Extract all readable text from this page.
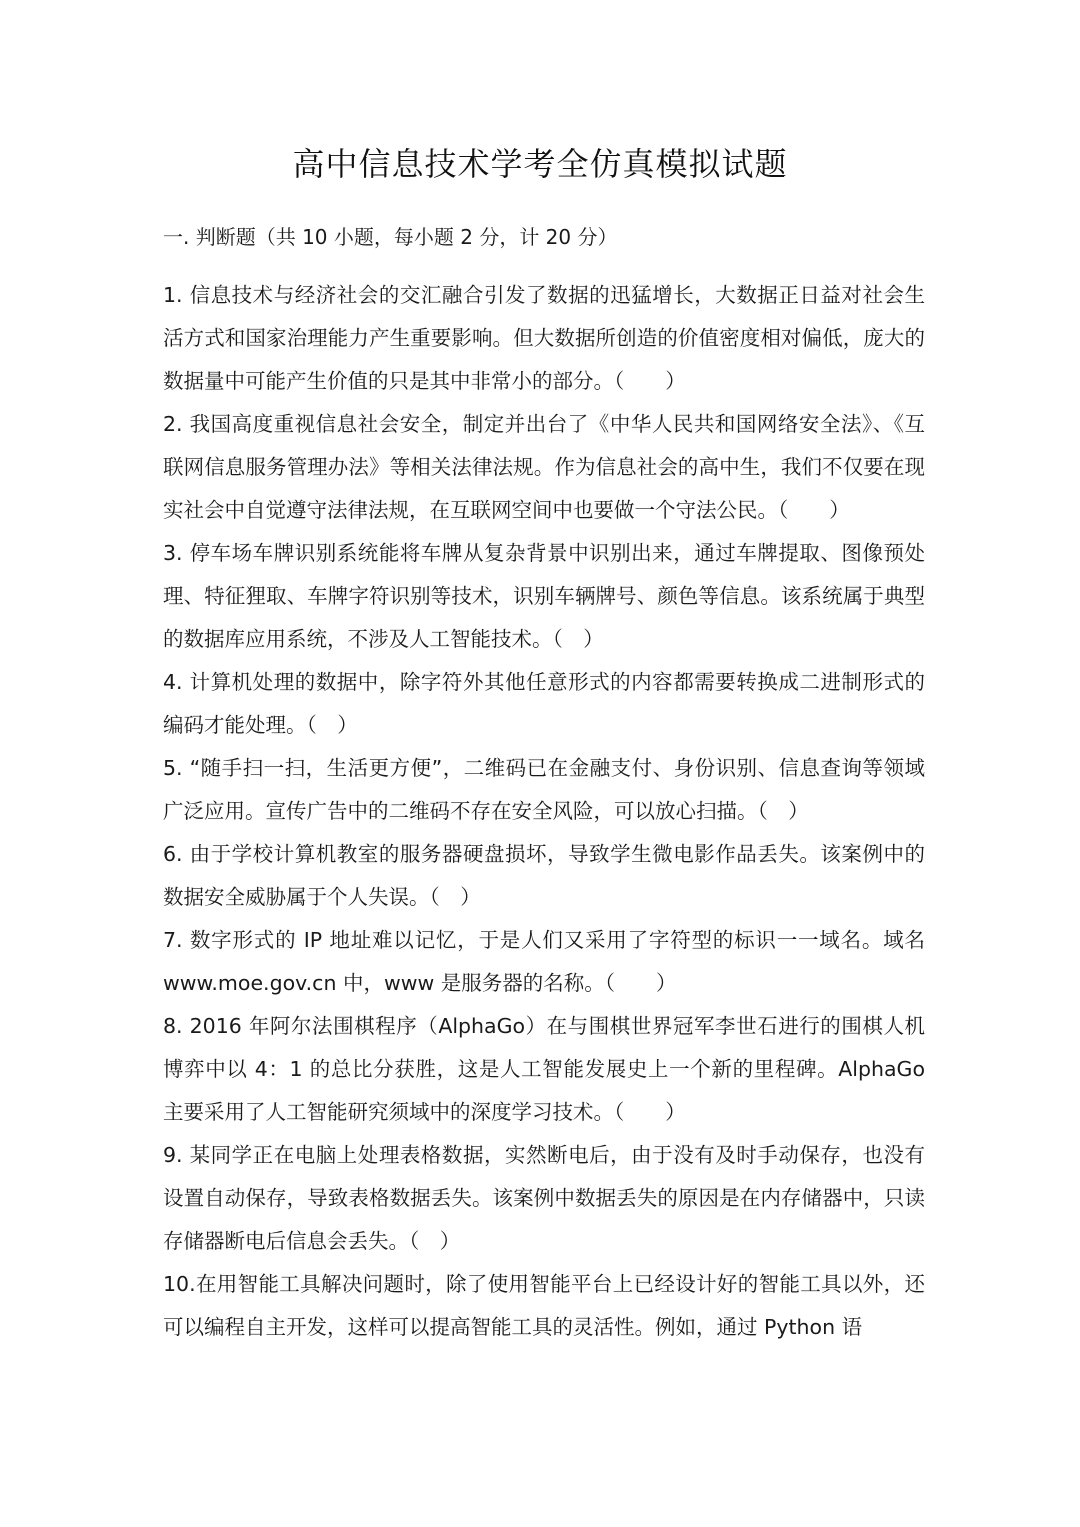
高中信息技术学考全仿真模拟试题
一. 判断题（共 10 小题，每小题 2 分，计 20 分）

1. 信息技术与经济社会的交汇融合引发了数据的迅猛增长，大数据正日益对社会生活方式和国家治理能力产生重要影响。但大数据所创造的价值密度相对偏低，庞大的数据量中可能产生价值的只是其中非常小的部分。（　　）

2. 我国高度重视信息社会安全，制定并出台了《中华人民共和国网络安全法》、《互联网信息服务管理办法》等相关法律法规。作为信息社会的高中生，我们不仅要在现实社会中自觉遵守法律法规，在互联网空间中也要做一个守法公民。（　　）

3. 停车场车牌识别系统能将车牌从复杂背景中识别出来，通过车牌提取、图像预处理、特征狸取、车牌字符识别等技术，识别车辆牌号、颜色等信息。该系统属于典型的数据库应用系统，不涉及人工智能技术。（　）

4. 计算机处理的数据中，除字符外其他任意形式的内容都需要转换成二进制形式的编码才能处理。（　）

5. “随手扫一扫，生活更方便”，二维码已在金融支付、身份识别、信息查询等领域广泛应用。宣传广告中的二维码不存在安全风险，可以放心扫描。（　）

6. 由于学校计算机教室的服务器硬盘损坏，导致学生微电影作品丢失。该案例中的数据安全威胁属于个人失误。（　）

7. 数字形式的 IP 地址难以记忆，于是人们又采用了字符型的标识一一域名。域名 www.moe.gov.cn 中，www 是服务器的名称。（　　）

8. 2016 年阿尔法围棋程序（AlphaGo）在与围棋世界冠军李世石进行的围棋人机博弈中以 4：1 的总比分获胜，这是人工智能发展史上一个新的里程碑。AlphaGo 主要采用了人工智能研究须域中的深度学习技术。（　　）

9. 某同学正在电脑上处理表格数据，实然断电后，由于没有及时手动保存，也没有设置自动保存，导致表格数据丢失。该案例中数据丢失的原因是在内存储器中，只读存储器断电后信息会丢失。（　）

10.在用智能工具解决问题时，除了使用智能平台上已经设计好的智能工具以外，还可以编程自主开发，这样可以提高智能工具的灵活性。例如，通过 Python 语
